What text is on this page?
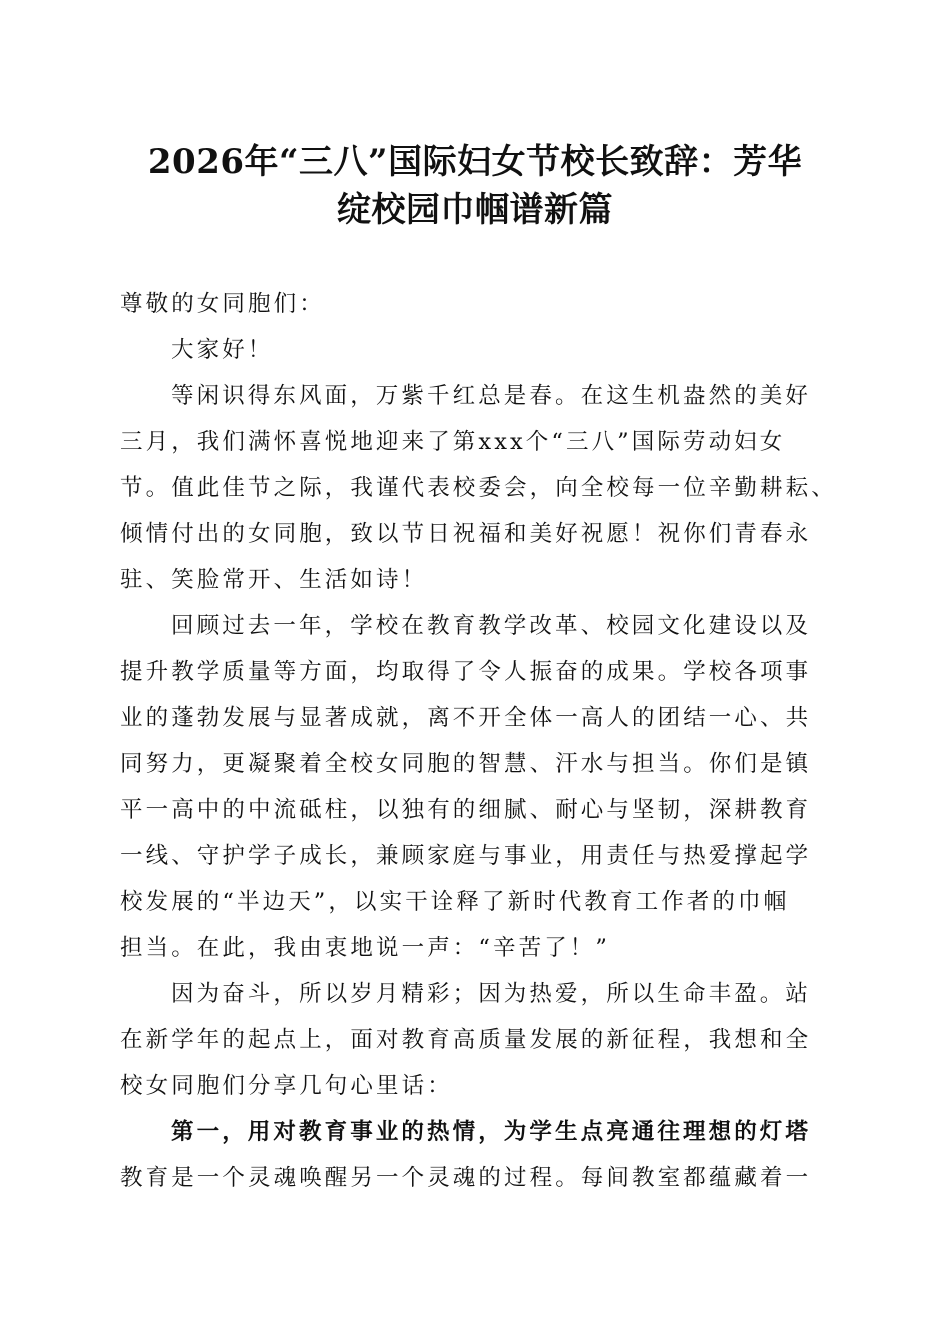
2026年“三八”国际妇女节校长致辞：芳华
绽校园巾帼谱新篇
尊敬的女同胞们：
大家好！
等闲识得东风面，万紫千红总是春。在这生机盎然的美好
三月，我们满怀喜悦地迎来了第xxx个“三八”国际劳动妇女
节。值此佳节之际，我谨代表校委会，向全校每一位辛勤耕耘、
倾情付出的女同胞，致以节日祝福和美好祝愿！祝你们青春永
驻、笑脸常开、生活如诗！
回顾过去一年，学校在教育教学改革、校园文化建设以及
提升教学质量等方面，均取得了令人振奋的成果。学校各项事
业的蓬勃发展与显著成就，离不开全体一高人的团结一心、共
同努力，更凝聚着全校女同胞的智慧、汗水与担当。你们是镇
平一高中的中流砥柱，以独有的细腻、耐心与坚韧，深耕教育
一线、守护学子成长，兼顾家庭与事业，用责任与热爱撑起学
校发展的“半边天”，以实干诠释了新时代教育工作者的巾帼
担当。在此，我由衷地说一声：“辛苦了！”
因为奋斗，所以岁月精彩；因为热爱，所以生命丰盈。站
在新学年的起点上，面对教育高质量发展的新征程，我想和全
校女同胞们分享几句心里话：
第一，用对教育事业的热情，为学生点亮通往理想的灯塔
教育是一个灵魂唤醒另一个灵魂的过程。每间教室都蕴藏着一
